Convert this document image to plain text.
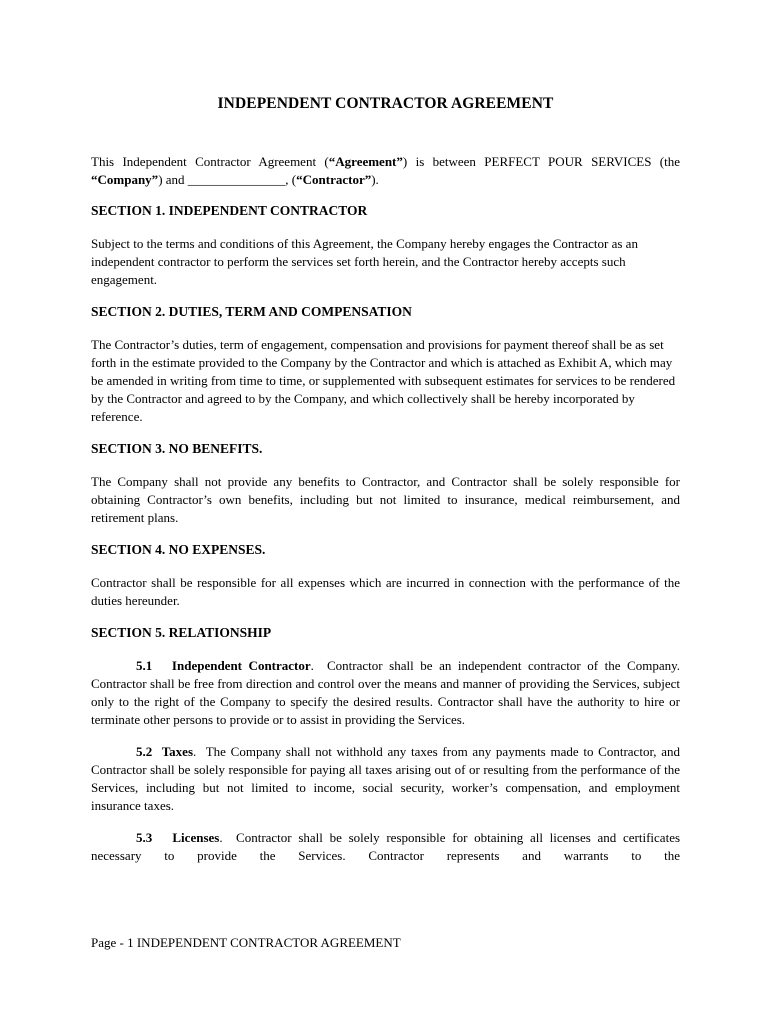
INDEPENDENT CONTRACTOR AGREEMENT

This Independent Contractor Agreement (“Agreement”) is between PERFECT POUR SERVICES (the “Company”) and _______________, (“Contractor”).

SECTION 1. INDEPENDENT CONTRACTOR

Subject to the terms and conditions of this Agreement, the Company hereby engages the Contractor as an independent contractor to perform the services set forth herein, and the Contractor hereby accepts such engagement.

SECTION 2. DUTIES, TERM AND COMPENSATION

The Contractor’s duties, term of engagement, compensation and provisions for payment thereof shall be as set forth in the estimate provided to the Company by the Contractor and which is attached as Exhibit A, which may be amended in writing from time to time, or supplemented with subsequent estimates for services to be rendered by the Contractor and agreed to by the Company, and which collectively shall be hereby incorporated by reference.

SECTION 3. NO BENEFITS.

The Company shall not provide any benefits to Contractor, and Contractor shall be solely responsible for obtaining Contractor’s own benefits, including but not limited to insurance, medical reimbursement, and retirement plans.

SECTION 4. NO EXPENSES.

Contractor shall be responsible for all expenses which are incurred in connection with the performance of the duties hereunder.

SECTION 5. RELATIONSHIP

5.1 Independent Contractor.  Contractor shall be an independent contractor of the Company. Contractor shall be free from direction and control over the means and manner of providing the Services, subject only to the right of the Company to specify the desired results. Contractor shall have the authority to hire or terminate other persons to provide or to assist in providing the Services.

5.2 Taxes.  The Company shall not withhold any taxes from any payments made to Contractor, and Contractor shall be solely responsible for paying all taxes arising out of or resulting from the performance of the Services, including but not limited to income, social security, worker’s compensation, and employment insurance taxes.

5.3 Licenses.  Contractor shall be solely responsible for obtaining all licenses and certificates necessary to provide the Services. Contractor represents and warrants to the

Page - 1 INDEPENDENT CONTRACTOR AGREEMENT
